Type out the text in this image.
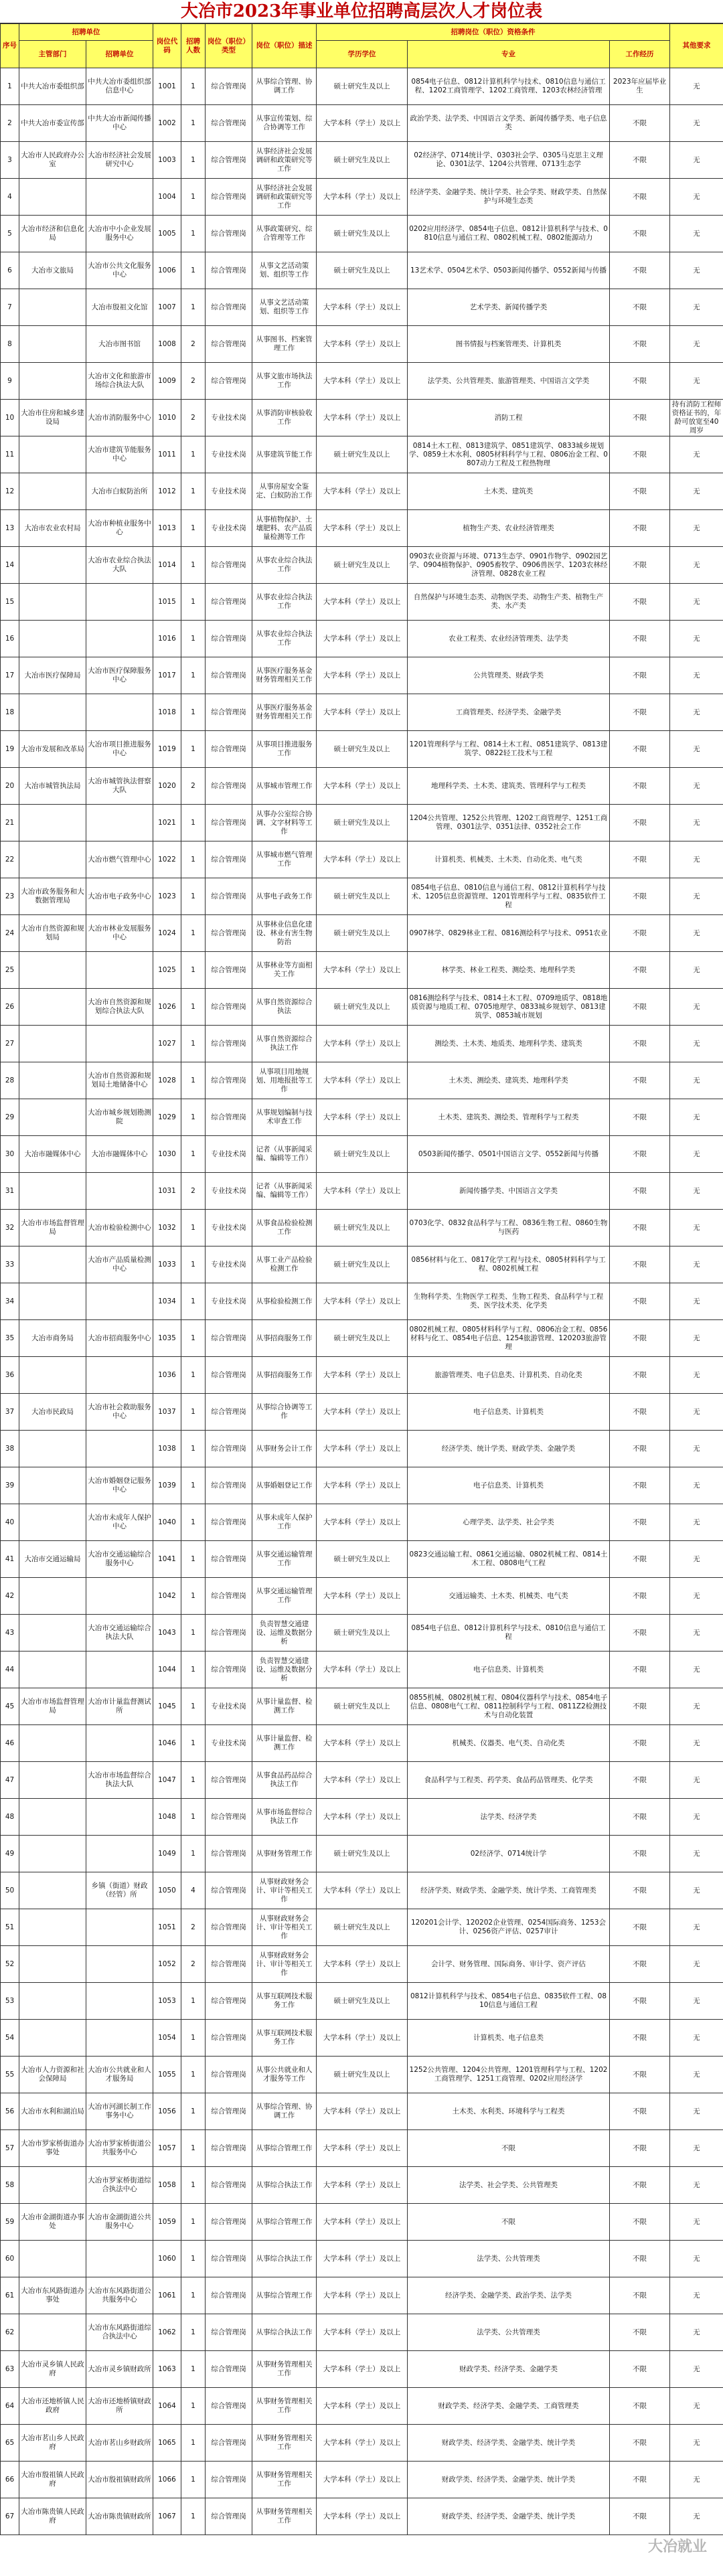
大冶市2023年事业单位招聘高层次人才岗位表
序号	招聘单位		岗位代码	招聘人数	岗位（职位）类型	岗位（职位）描述	招聘岗位（职位）资格条件			其他要求
	主管部门	招聘单位					学历学位	专业	工作经历	
1	中共大冶市委组织部	中共大冶市委组织部信息中心	1001	1	综合管理岗	从事综合管理、协调工作	硕士研究生及以上	0854电子信息、0812计算机科学与技术、0810信息与通信工程、1202工商管理学、1202工商管理、1203农林经济管理	2023年应届毕业生	无
2	中共大冶市委宣传部	中共大冶市新闻传播中心	1002	1	综合管理岗	从事宣传策划、综合协调等工作	大学本科（学士）及以上	政治学类、法学类、中国语言文学类、新闻传播学类、电子信息类	不限	无
3	大冶市人民政府办公室	大冶市经济社会发展研究中心	1003	1	综合管理岗	从事经济社会发展调研和政策研究等工作	硕士研究生及以上	02经济学、0714统计学、0303社会学、0305马克思主义理论、0301法学、1204公共管理、0713生态学	不限	无
4			1004	1	综合管理岗	从事经济社会发展调研和政策研究等工作	大学本科（学士）及以上	经济学类、金融学类、统计学类、社会学类、财政学类、自然保护与环境生态类	不限	无
5	大冶市经济和信息化局	大冶市中小企业发展服务中心	1005	1	综合管理岗	从事政策研究、综合管理等工作	硕士研究生及以上	0202应用经济学、0854电子信息、0812计算机科学与技术、0810信息与通信工程、0802机械工程、0802能源动力	不限	无
6	大冶市文旅局	大冶市公共文化服务中心	1006	1	综合管理岗	从事文艺活动策划、组织等工作	硕士研究生及以上	13艺术学、0504艺术学、0503新闻传播学、0552新闻与传播	不限	无
7		大冶市殷祖文化馆	1007	1	综合管理岗	从事文艺活动策划、组织等工作	大学本科（学士）及以上	艺术学类、新闻传播学类	不限	无
8		大冶市图书馆	1008	2	综合管理岗	从事图书、档案管理工作	大学本科（学士）及以上	图书情报与档案管理类、计算机类	不限	无
9		大冶市文化和旅游市场综合执法大队	1009	2	综合管理岗	从事文旅市场执法工作	大学本科（学士）及以上	法学类、公共管理类、旅游管理类、中国语言文学类	不限	无
10	大冶市住房和城乡建设局	大冶市消防服务中心	1010	2	专业技术岗	从事消防审核验收工作	大学本科（学士）及以上	消防工程	不限	持有消防工程师资格证书的，年龄可放宽至40周岁
11		大冶市建筑节能服务中心	1011	1	专业技术岗	从事建筑节能工作	硕士研究生及以上	0814土木工程、0813建筑学、0851建筑学、0833城乡规划学、0859土木水利、0805材料科学与工程、0806冶金工程、0807动力工程及工程热物理	不限	无
12		大冶市白蚁防治所	1012	1	专业技术岗	从事房屋安全鉴定、白蚁防治工作	大学本科（学士）及以上	土木类、建筑类	不限	无
13	大冶市农业农村局	大冶市种植业服务中心	1013	1	专业技术岗	从事植物保护、土壤肥料、农产品质量检测等工作	大学本科（学士）及以上	植物生产类、农业经济管理类	不限	无
14		大冶市农业综合执法大队	1014	1	综合管理岗	从事农业综合执法工作	硕士研究生及以上	0903农业资源与环境、0713生态学、0901作物学、0902园艺学、0904植物保护、0905畜牧学、0906兽医学、1203农林经济管理、0828农业工程	不限	无
15			1015	1	综合管理岗	从事农业综合执法工作	大学本科（学士）及以上	自然保护与环境生态类、动物医学类、动物生产类、植物生产类、水产类	不限	无
16			1016	1	综合管理岗	从事农业综合执法工作	大学本科（学士）及以上	农业工程类、农业经济管理类、法学类	不限	无
17	大冶市医疗保障局	大冶市医疗保障服务中心	1017	1	综合管理岗	从事医疗服务基金财务管理相关工作	大学本科（学士）及以上	公共管理类、财政学类	不限	无
18			1018	1	综合管理岗	从事医疗服务基金财务管理相关工作	大学本科（学士）及以上	工商管理类、经济学类、金融学类	不限	无
19	大冶市发展和改革局	大冶市项目推进服务中心	1019	1	综合管理岗	从事项目推进服务工作	硕士研究生及以上	1201管理科学与工程、0814土木工程、0851建筑学、0813建筑学、0822轻工技术与工程	不限	无
20	大冶市城管执法局	大冶市城管执法督察大队	1020	2	综合管理岗	从事城市管理工作	大学本科（学士）及以上	地理科学类、土木类、建筑类、管理科学与工程类	不限	无
21			1021	1	综合管理岗	从事办公室综合协调、文字材料等工作	硕士研究生及以上	1204公共管理、1252公共管理、1202工商管理学、1251工商管理、0301法学、0351法律、0352社会工作	不限	无
22		大冶市燃气管理中心	1022	1	综合管理岗	从事城市燃气管理工作	大学本科（学士）及以上	计算机类、机械类、土木类、自动化类、电气类	不限	无
23	大冶市政务服务和大数据管理局	大冶市电子政务中心	1023	1	综合管理岗	从事电子政务工作	硕士研究生及以上	0854电子信息、0810信息与通信工程、0812计算机科学与技术、1205信息资源管理、1201管理科学与工程、0835软件工程	不限	无
24	大冶市自然资源和规划局	大冶市林业发展服务中心	1024	1	综合管理岗	从事林业信息化建设、林业有害生物防治	硕士研究生及以上	0907林学、0829林业工程、0816测绘科学与技术、0951农业	不限	无
25			1025	1	综合管理岗	从事林业等方面相关工作	大学本科（学士）及以上	林学类、林业工程类、测绘类、地理科学类	不限	无
26		大冶市自然资源和规划综合执法大队	1026	1	综合管理岗	从事自然资源综合执法	硕士研究生及以上	0816测绘科学与技术、0814土木工程、0709地质学、0818地质资源与地质工程、0705地理学、0833城乡规划学、0813建筑学、0853城市规划	不限	无
27			1027	1	综合管理岗	从事自然资源综合执法工作	大学本科（学士）及以上	测绘类、土木类、地质类、地理科学类、建筑类	不限	无
28		大冶市自然资源和规划局土地储备中心	1028	1	综合管理岗	从事项目用地规划、用地报批等工作	大学本科（学士）及以上	土木类、测绘类、建筑类、地理科学类	不限	无
29		大冶市城乡规划勘测院	1029	1	综合管理岗	从事规划编制与技术审查工作	大学本科（学士）及以上	土木类、建筑类、测绘类、管理科学与工程类	不限	无
30	大冶市融媒体中心	大冶市融媒体中心	1030	1	专业技术岗	记者（从事新闻采编、编辑等工作）	硕士研究生及以上	0503新闻传播学、0501中国语言文学、0552新闻与传播	不限	无
31			1031	2	专业技术岗	记者（从事新闻采编、编辑等工作）	大学本科（学士）及以上	新闻传播学类、中国语言文学类	不限	无
32	大冶市市场监督管理局	大冶市检验检测中心	1032	1	专业技术岗	从事食品检验检测工作	硕士研究生及以上	0703化学、0832食品科学与工程、0836生物工程、0860生物与医药	不限	无
33		大冶市产品质量检测中心	1033	1	专业技术岗	从事工业产品检验检测工作	硕士研究生及以上	0856材料与化工、0817化学工程与技术、0805材料科学与工程、0802机械工程	不限	无
34			1034	1	专业技术岗	从事检验检测工作	大学本科（学士）及以上	生物科学类、生物医学工程类、生物工程类、食品科学与工程类、医学技术类、化学类	不限	无
35	大冶市商务局	大冶市招商服务中心	1035	1	综合管理岗	从事招商服务工作	硕士研究生及以上	0802机械工程、0805材料科学与工程、0806冶金工程、0856材料与化工、0854电子信息、1254旅游管理、120203旅游管理	不限	无
36			1036	1	综合管理岗	从事招商服务工作	大学本科（学士）及以上	旅游管理类、电子信息类、计算机类、自动化类	不限	无
37	大冶市民政局	大冶市社会救助服务中心	1037	1	综合管理岗	从事综合协调等工作	大学本科（学士）及以上	电子信息类、计算机类	不限	无
38			1038	1	综合管理岗	从事财务会计工作	大学本科（学士）及以上	经济学类、统计学类、财政学类、金融学类	不限	无
39		大冶市婚姻登记服务中心	1039	1	综合管理岗	从事婚姻登记工作	大学本科（学士）及以上	电子信息类、计算机类	不限	无
40		大冶市未成年人保护中心	1040	1	综合管理岗	从事未成年人保护工作	大学本科（学士）及以上	心理学类、法学类、社会学类	不限	无
41	大冶市交通运输局	大冶市交通运输综合服务中心	1041	1	综合管理岗	从事交通运输管理工作	硕士研究生及以上	0823交通运输工程、0861交通运输、0802机械工程、0814土木工程、0808电气工程	不限	无
42			1042	1	综合管理岗	从事交通运输管理工作	大学本科（学士）及以上	交通运输类、土木类、机械类、电气类	不限	无
43		大冶市交通运输综合执法大队	1043	1	综合管理岗	负责智慧交通建设、运维及数据分析	硕士研究生及以上	0854电子信息、0812计算机科学与技术、0810信息与通信工程	不限	无
44			1044	1	综合管理岗	负责智慧交通建设、运维及数据分析	大学本科（学士）及以上	电子信息类、计算机类	不限	无
45	大冶市市场监督管理局	大冶市计量监督测试所	1045	1	专业技术岗	从事计量监督、检测工作	硕士研究生及以上	0855机械、0802机械工程、0804仪器科学与技术、0854电子信息、0808电气工程、0811控制科学与工程、0811Z2检测技术与自动化装置	不限	无
46			1046	1	专业技术岗	从事计量监督、检测工作	大学本科（学士）及以上	机械类、仪器类、电气类、自动化类	不限	无
47		大冶市市场监督综合执法大队	1047	1	综合管理岗	从事食品药品综合执法工作	大学本科（学士）及以上	食品科学与工程类、药学类、食品药品管理类、化学类	不限	无
48			1048	1	综合管理岗	从事市场监督综合执法工作	大学本科（学士）及以上	法学类、经济学类	不限	无
49			1049	1	综合管理岗	从事财务管理工作	硕士研究生及以上	02经济学、0714统计学	不限	无
50		乡镇（街道）财政（经管）所	1050	4	综合管理岗	从事财政财务会计、审计等相关工作	大学本科（学士）及以上	经济学类、财政学类、金融学类、统计学类、工商管理类	不限	无
51			1051	2	综合管理岗	从事财政财务会计、审计等相关工作	硕士研究生及以上	120201会计学、120202企业管理、0254国际商务、1253会计、0256资产评估、0257审计	不限	无
52			1052	2	综合管理岗	从事财政财务会计、审计等相关工作	大学本科（学士）及以上	会计学、财务管理、国际商务、审计学、资产评估	不限	无
53			1053	1	综合管理岗	从事互联网技术服务工作	硕士研究生及以上	0812计算机科学与技术、0854电子信息、0835软件工程、0810信息与通信工程	不限	无
54			1054	1	综合管理岗	从事互联网技术服务工作	大学本科（学士）及以上	计算机类、电子信息类	不限	无
55	大冶市人力资源和社会保障局	大冶市公共就业和人才服务局	1055	1	综合管理岗	从事公共就业和人才服务等工作	硕士研究生及以上	1252公共管理、1204公共管理、1201管理科学与工程、1202工商管理学、1251工商管理、0202应用经济学	不限	无
56	大冶市水利和湖泊局	大冶市河湖长制工作事务中心	1056	1	综合管理岗	从事综合管理、协调工作	大学本科（学士）及以上	土木类、水利类、环境科学与工程类	不限	无
57	大冶市罗家桥街道办事处	大冶市罗家桥街道公共服务中心	1057	1	综合管理岗	从事综合管理工作	大学本科（学士）及以上	不限	不限	无
58		大冶市罗家桥街道综合执法中心	1058	1	综合管理岗	从事综合执法工作	大学本科（学士）及以上	法学类、社会学类、公共管理类	不限	无
59	大冶市金湖街道办事处	大冶市金湖街道公共服务中心	1059	1	综合管理岗	从事综合管理工作	大学本科（学士）及以上	不限	不限	无
60			1060	1	综合管理岗	从事综合执法工作	大学本科（学士）及以上	法学类、公共管理类	不限	无
61	大冶市东风路街道办事处	大冶市东风路街道公共服务中心	1061	1	综合管理岗	从事综合管理工作	大学本科（学士）及以上	经济学类、金融学类、政治学类、法学类	不限	无
62		大冶市东风路街道综合执法中心	1062	1	综合管理岗	从事综合执法工作	大学本科（学士）及以上	法学类、公共管理类	不限	无
63	大冶市灵乡镇人民政府	大冶市灵乡镇财政所	1063	1	综合管理岗	从事财务管理相关工作	大学本科（学士）及以上	财政学类、经济学类、金融学类	不限	无
64	大冶市还地桥镇人民政府	大冶市还地桥镇财政所	1064	1	综合管理岗	从事财务管理相关工作	大学本科（学士）及以上	财政学类、经济学类、金融学类、工商管理类	不限	无
65	大冶市茗山乡人民政府	大冶市茗山乡财政所	1065	1	综合管理岗	从事财务管理相关工作	大学本科（学士）及以上	财政学类、经济学类、金融学类、统计学类	不限	无
66	大冶市殷祖镇人民政府	大冶市殷祖镇财政所	1066	1	综合管理岗	从事财务管理相关工作	大学本科（学士）及以上	财政学类、经济学类、金融学类、统计学类	不限	无
67	大冶市陈贵镇人民政府	大冶市陈贵镇财政所	1067	1	综合管理岗	从事财务管理相关工作	大学本科（学士）及以上	财政学类、经济学类、金融学类、统计学类	不限	无
大冶就业
